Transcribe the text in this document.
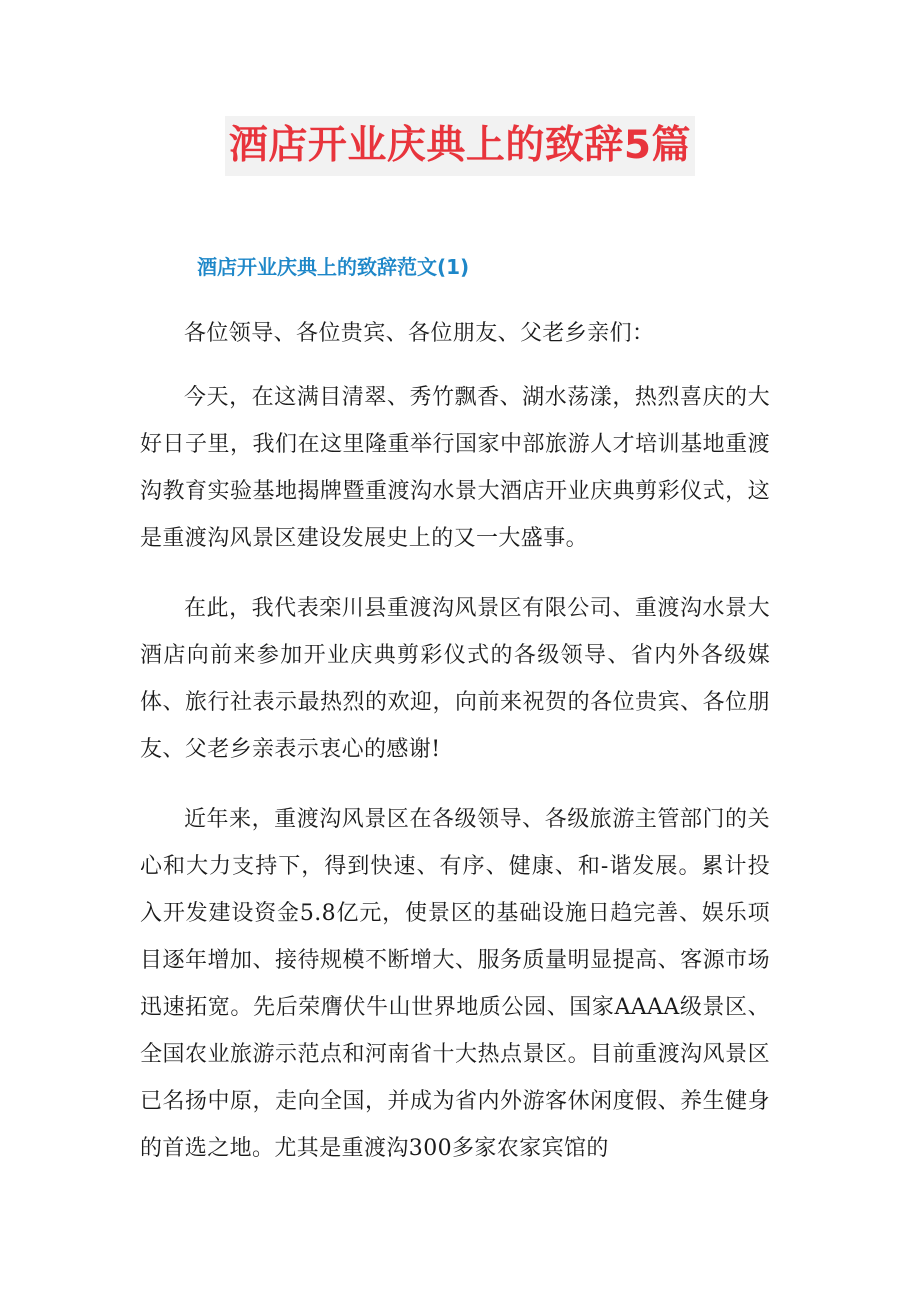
酒店开业庆典上的致辞5篇
酒店开业庆典上的致辞范文(1)

各位领导、各位贵宾、各位朋友、父老乡亲们：

今天，在这满目清翠、秀竹飘香、湖水荡漾，热烈喜庆的大好日子里，我们在这里隆重举行国家中部旅游人才培训基地重渡沟教育实验基地揭牌暨重渡沟水景大酒店开业庆典剪彩仪式，这是重渡沟风景区建设发展史上的又一大盛事。

在此，我代表栾川县重渡沟风景区有限公司、重渡沟水景大酒店向前来参加开业庆典剪彩仪式的各级领导、省内外各级媒体、旅行社表示最热烈的欢迎，向前来祝贺的各位贵宾、各位朋友、父老乡亲表示衷心的感谢!

近年来，重渡沟风景区在各级领导、各级旅游主管部门的关心和大力支持下，得到快速、有序、健康、和-谐发展。累计投入开发建设资金5.8亿元，使景区的基础设施日趋完善、娱乐项目逐年增加、接待规模不断增大、服务质量明显提高、客源市场迅速拓宽。先后荣膺伏牛山世界地质公园、国家AAAA级景区、全国农业旅游示范点和河南省十大热点景区。目前重渡沟风景区已名扬中原，走向全国，并成为省内外游客休闲度假、养生健身的首选之地。尤其是重渡沟300多家农家宾馆的
